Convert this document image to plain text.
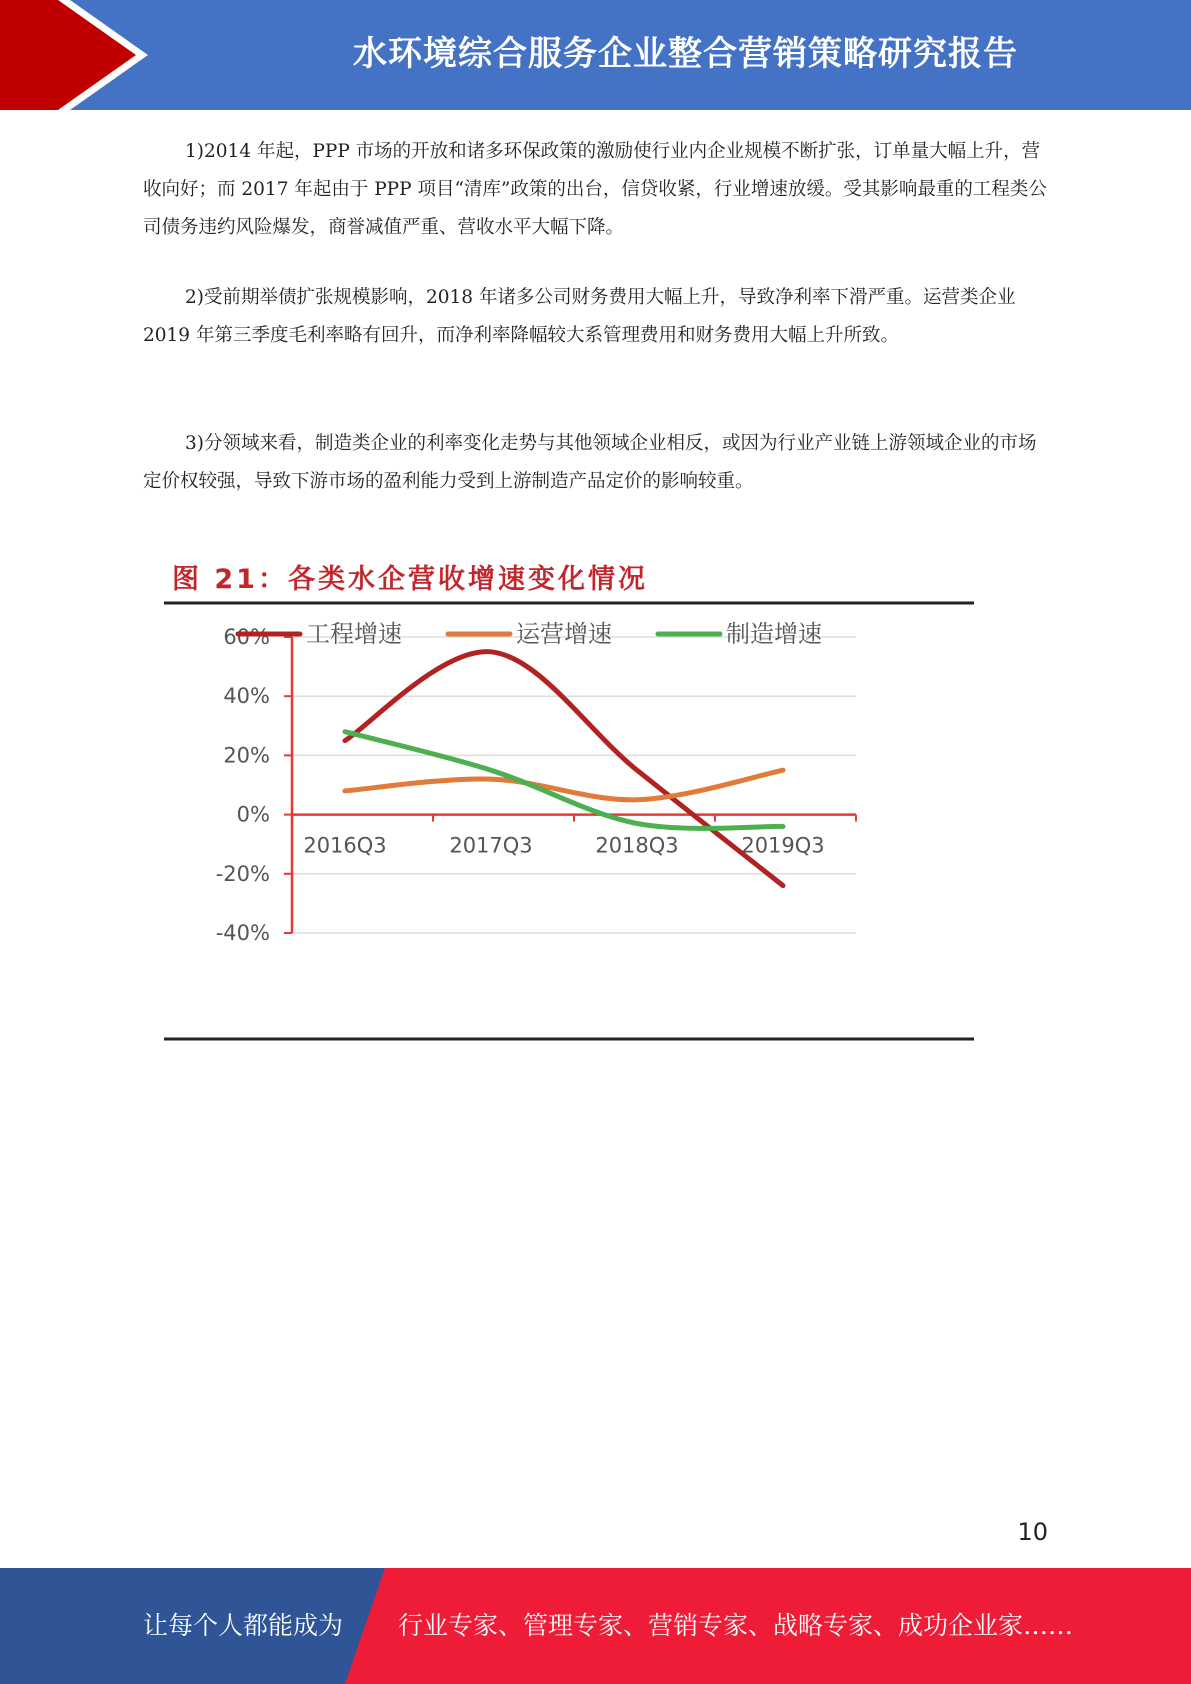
水环境综合服务企业整合营销策略研究报告

1)2014 年起，PPP 市场的开放和诸多环保政策的激励使行业内企业规模不断扩张，订单量大幅上升，营收向好；而 2017 年起由于 PPP 项目“清库”政策的出台，信贷收紧，行业增速放缓。受其影响最重的工程类公司债务违约风险爆发，商誉减值严重、营收水平大幅下降。

2)受前期举债扩张规模影响，2018 年诸多公司财务费用大幅上升，导致净利率下滑严重。运营类企业 2019 年第三季度毛利率略有回升，而净利率降幅较大系管理费用和财务费用大幅上升所致。

3)分领域来看，制造类企业的利率变化走势与其他领域企业相反，或因为行业产业链上游领域企业的市场定价权较强，导致下游市场的盈利能力受到上游制造产品定价的影响较重。

图 21：各类水企营收增速变化情况
2016Q3	2017Q3	2018Q3	2019Q3
60%
40%
20%
0%
-20%
-40%
工程增速	运营增速	制造增速
10
让每个人都能成为 行业专家、管理专家、营销专家、战略专家、成功企业家……
